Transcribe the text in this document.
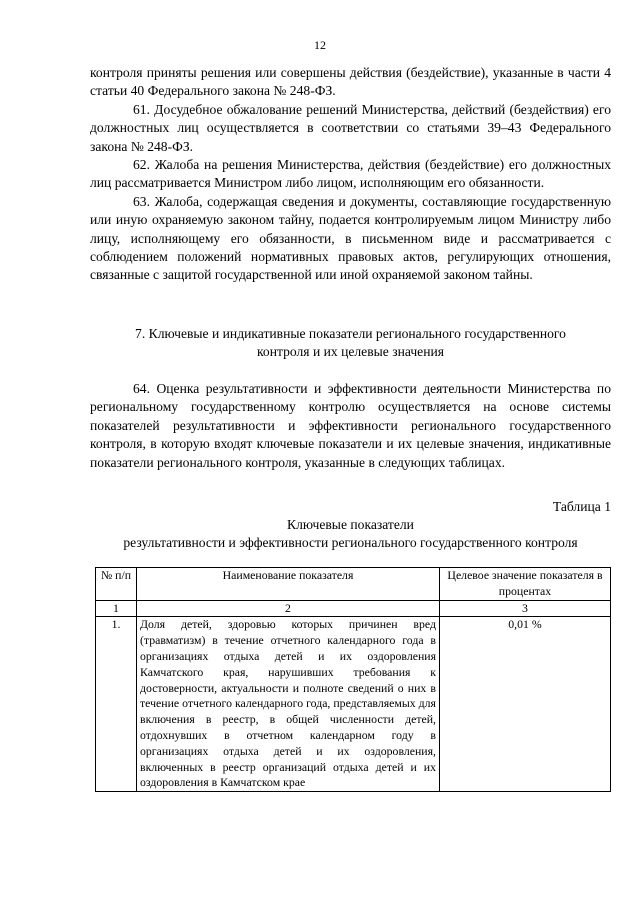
12

контроля приняты решения или совершены действия (бездействие), указанные в части 4 статьи 40 Федерального закона № 248-ФЗ.

61. Досудебное обжалование решений Министерства, действий (бездействия) его должностных лиц осуществляется в соответствии со статьями 39–43 Федерального закона № 248-ФЗ.

62. Жалоба на решения Министерства, действия (бездействие) его должностных лиц рассматривается Министром либо лицом, исполняющим его обязанности.

63. Жалоба, содержащая сведения и документы, составляющие государственную или иную охраняемую законом тайну, подается контролируемым лицом Министру либо лицу, исполняющему его обязанности, в письменном виде и рассматривается с соблюдением положений нормативных правовых актов, регулирующих отношения, связанные с защитой государственной или иной охраняемой законом тайны.

7. Ключевые и индикативные показатели регионального государственного
контроля и их целевые значения

64. Оценка результативности и эффективности деятельности Министерства по региональному государственному контролю осуществляется на основе системы показателей результативности и эффективности регионального государственного контроля, в которую входят ключевые показатели и их целевые значения, индикативные показатели регионального контроля, указанные в следующих таблицах.

Таблица 1
Ключевые показатели
результативности и эффективности регионального государственного контроля
№ п/п	Наименование показателя	Целевое значение показателя в процентах
1	2	3
1.	Доля детей, здоровью которых причинен вред (травматизм) в течение отчетного календарного года в организациях отдыха детей и их оздоровления Камчатского края, нарушивших требования к достоверности, актуальности и полноте сведений о них в течение отчетного календарного года, представляемых для включения в реестр, в общей численности детей, отдохнувших в отчетном календарном году в организациях отдыха детей и их оздоровления, включенных в реестр организаций отдыха детей и их оздоровления в Камчатском крае	0,01 %
